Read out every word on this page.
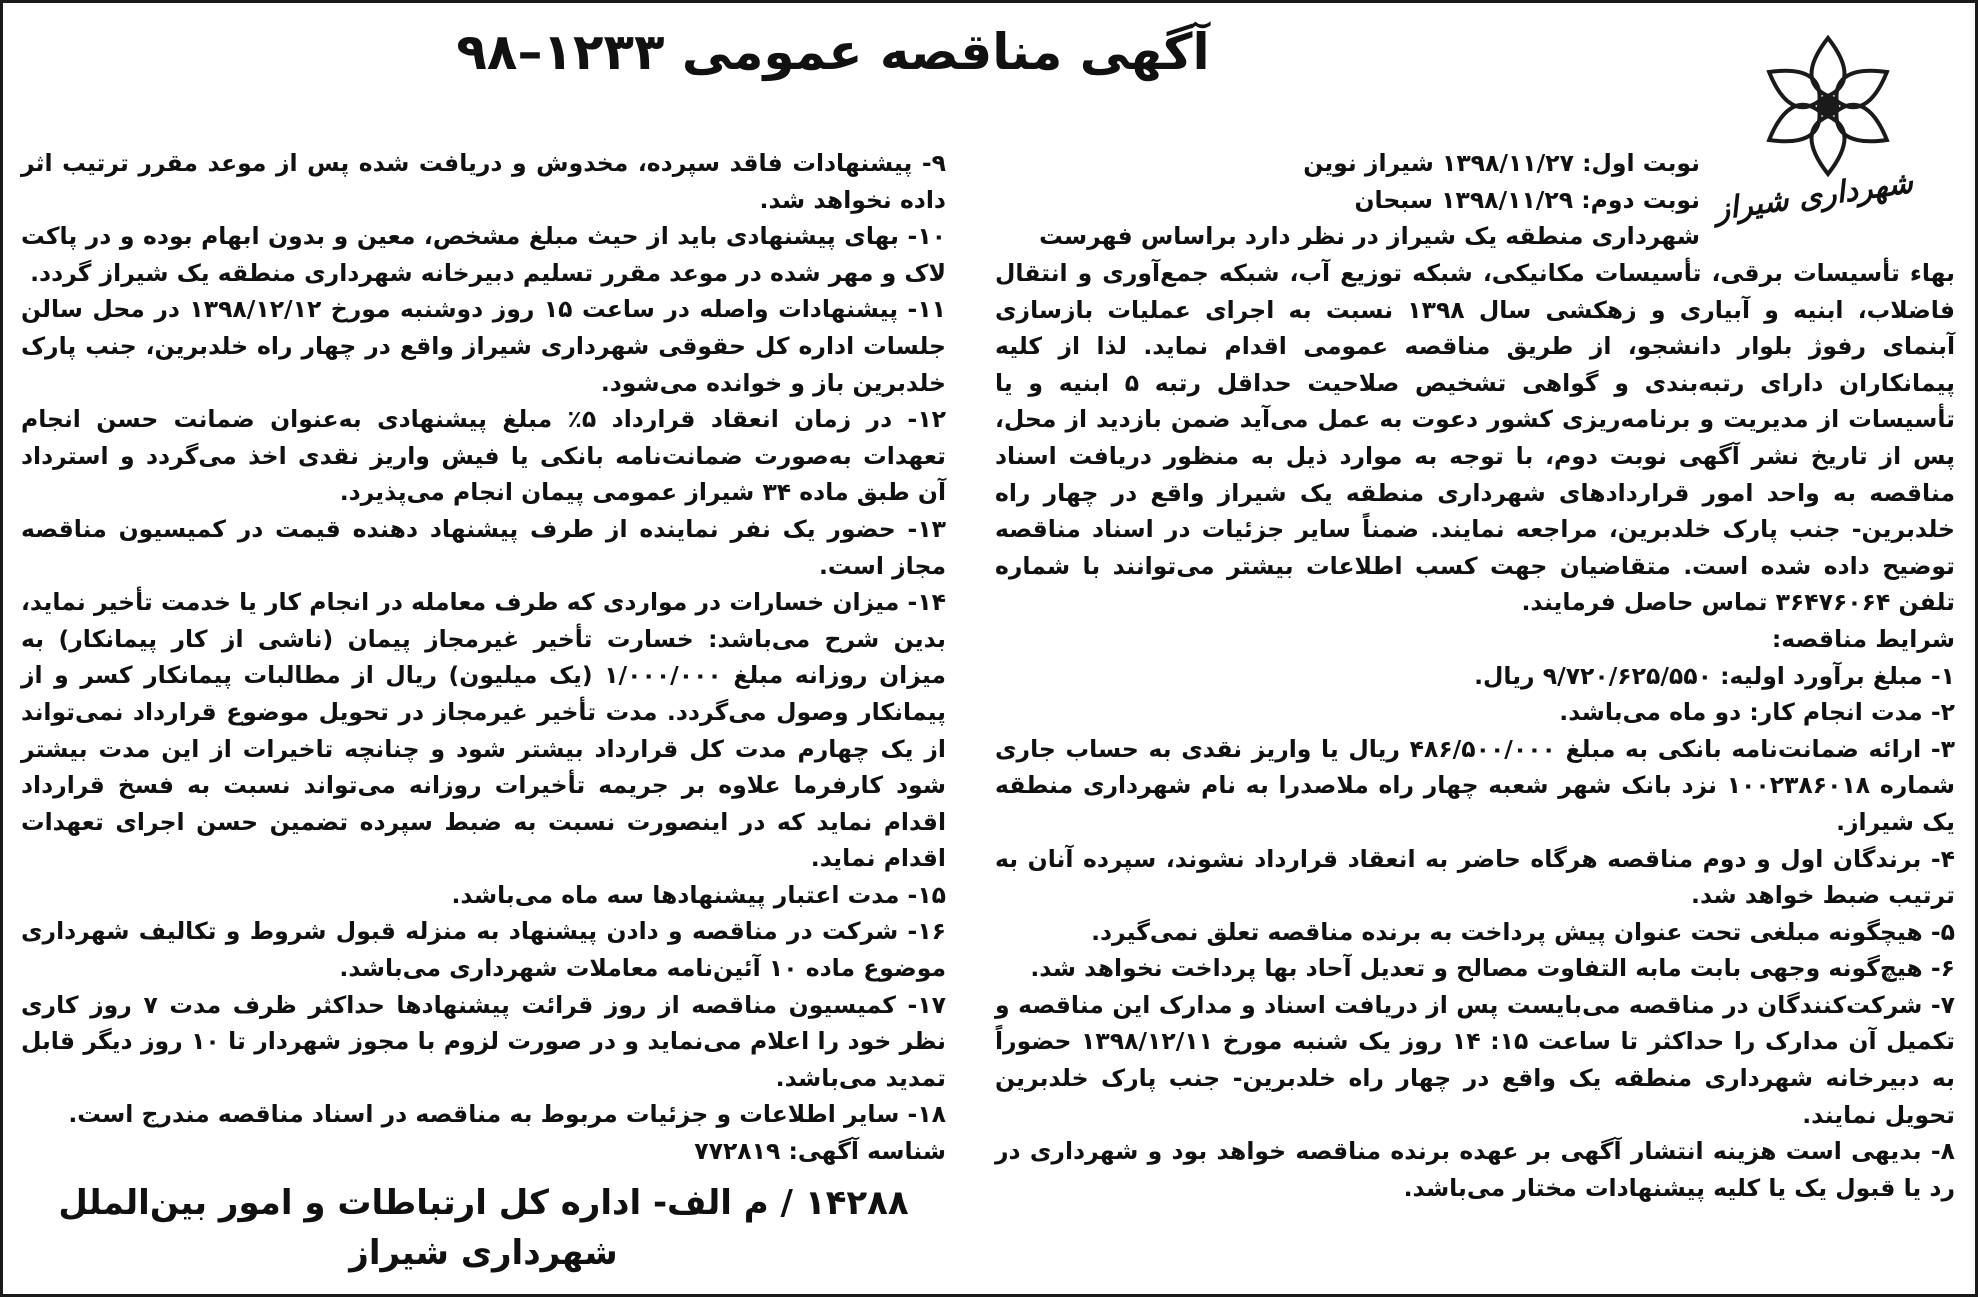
آگهی مناقصه عمومی ۱۲۳۳–۹۸
شهرداری شیراز

نوبت اول: ۱۳۹۸/۱۱/۲۷ شیراز نوین

نوبت دوم: ۱۳۹۸/۱۱/۲۹ سبحان

شهرداری منطقه یک شیراز در نظر دارد براساس فهرست

بهاء تأسیسات برقی، تأسیسات مکانیکی، شبکه توزیع آب، شبکه جمع‌آوری و انتقال فاضلاب، ابنیه و آبیاری و زهکشی سال ۱۳۹۸ نسبت به اجرای عملیات بازسازی آبنمای رفوژ بلوار دانشجو، از طریق مناقصه عمومی اقدام نماید. لذا از کلیه پیمانکاران دارای رتبه‌بندی و گواهی تشخیص صلاحیت حداقل رتبه ۵ ابنیه و یا تأسیسات از مدیریت و برنامه‌ریزی کشور دعوت به عمل می‌آید ضمن بازدید از محل، پس از تاریخ نشر آگهی نوبت دوم، با توجه به موارد ذیل به منظور دریافت اسناد مناقصه به واحد امور قراردادهای شهرداری منطقه یک شیراز واقع در چهار راه خلدبرین- جنب پارک خلدبرین، مراجعه نمایند. ضمناً سایر جزئیات در اسناد مناقصه توضیح داده شده است. متقاضیان جهت کسب اطلاعات بیشتر می‌توانند با شماره تلفن ۳۶۴۷۶۰۶۴ تماس حاصل فرمایند.

شرایط مناقصه:

۱- مبلغ برآورد اولیه: ۹/۷۲۰/۶۲۵/۵۵۰ ریال.

۲- مدت انجام کار: دو ماه می‌باشد.

۳- ارائه ضمانت‌نامه بانکی به مبلغ ۴۸۶/۵۰۰/۰۰۰ ریال یا واریز نقدی به حساب جاری شماره ۱۰۰۲۳۸۶۰۱۸ نزد بانک شهر شعبه چهار راه ملاصدرا به نام شهرداری منطقه یک شیراز.

۴- برندگان اول و دوم مناقصه هرگاه حاضر به انعقاد قرارداد نشوند، سپرده آنان به ترتیب ضبط خواهد شد.

۵- هیچگونه مبلغی تحت عنوان پیش پرداخت به برنده مناقصه تعلق نمی‌گیرد.

۶- هیچ‌گونه وجهی بابت مابه التفاوت مصالح و تعدیل آحاد بها پرداخت نخواهد شد.

۷- شرکت‌کنندگان در مناقصه می‌بایست پس از دریافت اسناد و مدارک این مناقصه و تکمیل آن مدارک را حداکثر تا ساعت ۱۵: ۱۴ روز یک شنبه مورخ ۱۳۹۸/۱۲/۱۱ حضوراً به دبیرخانه شهرداری منطقه یک واقع در چهار راه خلدبرین- جنب پارک خلدبرین تحویل نمایند.

۸- بدیهی است هزینه انتشار آگهی بر عهده برنده مناقصه خواهد بود و شهرداری در رد یا قبول یک یا کلیه پیشنهادات مختار می‌باشد.

۹- پیشنهادات فاقد سپرده، مخدوش و دریافت شده پس از موعد مقرر ترتیب اثر داده نخواهد شد.

۱۰- بهای پیشنهادی باید از حیث مبلغ مشخص، معین و بدون ابهام بوده و در پاکت لاک و مهر شده در موعد مقرر تسلیم دبیرخانه شهرداری منطقه یک شیراز گردد.

۱۱- پیشنهادات واصله در ساعت ۱۵ روز دوشنبه مورخ ۱۳۹۸/۱۲/۱۲ در محل سالن جلسات اداره کل حقوقی شهرداری شیراز واقع در چهار راه خلدبرین، جنب پارک خلدبرین باز و خوانده می‌شود.

۱۲- در زمان انعقاد قرارداد ۵٪ مبلغ پیشنهادی به‌عنوان ضمانت حسن انجام تعهدات به‌صورت ضمانت‌نامه بانکی یا فیش واریز نقدی اخذ می‌گردد و استرداد آن طبق ماده ۳۴ شیراز عمومی پیمان انجام می‌پذیرد.

۱۳- حضور یک نفر نماینده از طرف پیشنهاد دهنده قیمت در کمیسیون مناقصه مجاز است.

۱۴- میزان خسارات در مواردی که طرف معامله در انجام کار یا خدمت تأخیر نماید، بدین شرح می‌باشد: خسارت تأخیر غیرمجاز پیمان (ناشی از کار پیمانکار) به میزان روزانه مبلغ ۱/۰۰۰/۰۰۰ (یک میلیون) ریال از مطالبات پیمانکار کسر و از پیمانکار وصول می‌گردد. مدت تأخیر غیرمجاز در تحویل موضوع قرارداد نمی‌تواند از یک چهارم مدت کل قرارداد بیشتر شود و چنانچه تاخیرات از این مدت بیشتر شود کارفرما علاوه بر جریمه تأخیرات روزانه می‌تواند نسبت به فسخ قرارداد اقدام نماید که در اینصورت نسبت به ضبط سپرده تضمین حسن اجرای تعهدات اقدام نماید.

۱۵- مدت اعتبار پیشنهادها سه ماه می‌باشد.

۱۶- شرکت در مناقصه و دادن پیشنهاد به منزله قبول شروط و تکالیف شهرداری موضوع ماده ۱۰ آئین‌نامه معاملات شهرداری می‌باشد.

۱۷- کمیسیون مناقصه از روز قرائت پیشنهادها حداکثر ظرف مدت ۷ روز کاری نظر خود را اعلام می‌نماید و در صورت لزوم با مجوز شهردار تا ۱۰ روز دیگر قابل تمدید می‌باشد.

۱۸- سایر اطلاعات و جزئیات مربوط به مناقصه در اسناد مناقصه مندرج است.

شناسه آگهی: ۷۷۲۸۱۹

۱۴۲۸۸ / م الف- اداره کل ارتباطات و امور بین‌الملل شهرداری شیراز
